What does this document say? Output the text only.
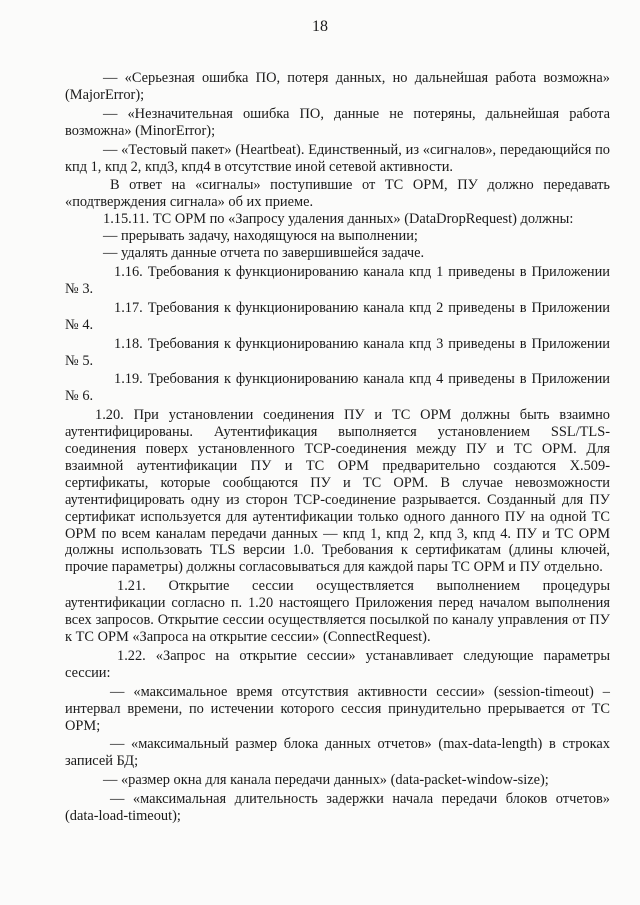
18

— «Серьезная ошибка ПО, потеря данных, но дальнейшая работа возможна» (MajorError);

— «Незначительная ошибка ПО, данные не потеряны, дальнейшая работа возможна» (MinorError);

— «Тестовый пакет» (Heartbeat). Единственный, из «сигналов», передающийся по кпд 1, кпд 2, кпд3, кпд4 в отсутствие иной сетевой активности.

В ответ на «сигналы» поступившие от ТС ОРМ, ПУ должно передавать «подтверждения сигнала» об их приеме.

1.15.11. ТС ОРМ по «Запросу удаления данных» (DataDropRequest) должны:

— прерывать задачу, находящуюся на выполнении;

— удалять данные отчета по завершившейся задаче.

1.16. Требования к функционированию канала кпд 1 приведены в Приложении № 3.

1.17. Требования к функционированию канала кпд 2 приведены в Приложении № 4.

1.18. Требования к функционированию канала кпд 3 приведены в Приложении № 5.

1.19. Требования к функционированию канала кпд 4 приведены в Приложении № 6.

1.20. При установлении соединения ПУ и ТС ОРМ должны быть взаимно аутентифицированы. Аутентификация выполняется установлением SSL/TLS-соединения поверх установленного TCP-соединения между ПУ и ТС ОРМ. Для взаимной аутентификации ПУ и ТС ОРМ предварительно создаются X.509-сертификаты, которые сообщаются ПУ и ТС ОРМ. В случае невозможности аутентифицировать одну из сторон TCP-соединение разрывается. Созданный для ПУ сертификат используется для аутентификации только одного данного ПУ на одной ТС ОРМ по всем каналам передачи данных — кпд 1, кпд 2, кпд 3, кпд 4. ПУ и ТС ОРМ должны использовать TLS версии 1.0. Требования к сертификатам (длины ключей, прочие параметры) должны согласовываться для каждой пары ТС ОРМ и ПУ отдельно.

1.21. Открытие сессии осуществляется выполнением процедуры аутентификации согласно п. 1.20 настоящего Приложения перед началом выполнения всех запросов. Открытие сессии осуществляется посылкой по каналу управления от ПУ к ТС ОРМ «Запроса на открытие сессии» (ConnectRequest).

1.22. «Запрос на открытие сессии» устанавливает следующие параметры сессии:

— «максимальное время отсутствия активности сессии» (session-timeout) – интервал времени, по истечении которого сессия принудительно прерывается от ТС ОРМ;

— «максимальный размер блока данных отчетов» (max-data-length) в строках записей БД;

— «размер окна для канала передачи данных» (data-packet-window-size);

— «максимальная длительность задержки начала передачи блоков отчетов» (data-load-timeout);
